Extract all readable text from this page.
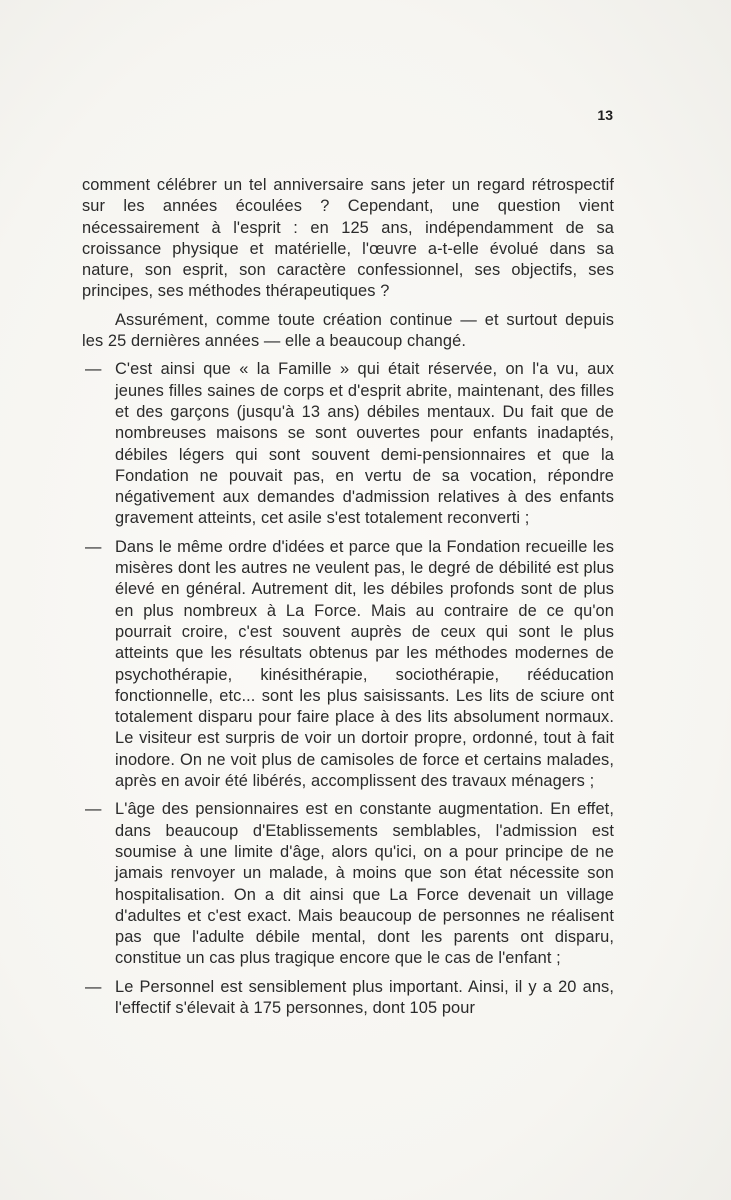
13

comment célébrer un tel anniversaire sans jeter un regard rétrospectif sur les années écoulées ? Cependant, une question vient nécessairement à l'esprit : en 125 ans, indépendamment de sa croissance physique et matérielle, l'œuvre a-t-elle évolué dans sa nature, son esprit, son caractère confessionnel, ses objectifs, ses principes, ses méthodes thérapeutiques ?

Assurément, comme toute création continue — et surtout depuis les 25 dernières années — elle a beaucoup changé.

— C'est ainsi que « la Famille » qui était réservée, on l'a vu, aux jeunes filles saines de corps et d'esprit abrite, maintenant, des filles et des garçons (jusqu'à 13 ans) débiles mentaux. Du fait que de nombreuses maisons se sont ouvertes pour enfants inadaptés, débiles légers qui sont souvent demi-pensionnaires et que la Fondation ne pouvait pas, en vertu de sa vocation, répondre négativement aux demandes d'admission relatives à des enfants gravement atteints, cet asile s'est totalement reconverti ;
— Dans le même ordre d'idées et parce que la Fondation recueille les misères dont les autres ne veulent pas, le degré de débilité est plus élevé en général. Autrement dit, les débiles profonds sont de plus en plus nombreux à La Force. Mais au contraire de ce qu'on pourrait croire, c'est souvent auprès de ceux qui sont le plus atteints que les résultats obtenus par les méthodes modernes de psychothérapie, kinésithérapie, sociothérapie, rééducation fonctionnelle, etc... sont les plus saisissants. Les lits de sciure ont totalement disparu pour faire place à des lits absolument normaux. Le visiteur est surpris de voir un dortoir propre, ordonné, tout à fait inodore. On ne voit plus de camisoles de force et certains malades, après en avoir été libérés, accomplissent des travaux ménagers ;
— L'âge des pensionnaires est en constante augmentation. En effet, dans beaucoup d'Etablissements semblables, l'admission est soumise à une limite d'âge, alors qu'ici, on a pour principe de ne jamais renvoyer un malade, à moins que son état nécessite son hospitalisation. On a dit ainsi que La Force devenait un village d'adultes et c'est exact. Mais beaucoup de personnes ne réalisent pas que l'adulte débile mental, dont les parents ont disparu, constitue un cas plus tragique encore que le cas de l'enfant ;
— Le Personnel est sensiblement plus important. Ainsi, il y a 20 ans, l'effectif s'élevait à 175 personnes, dont 105 pour
